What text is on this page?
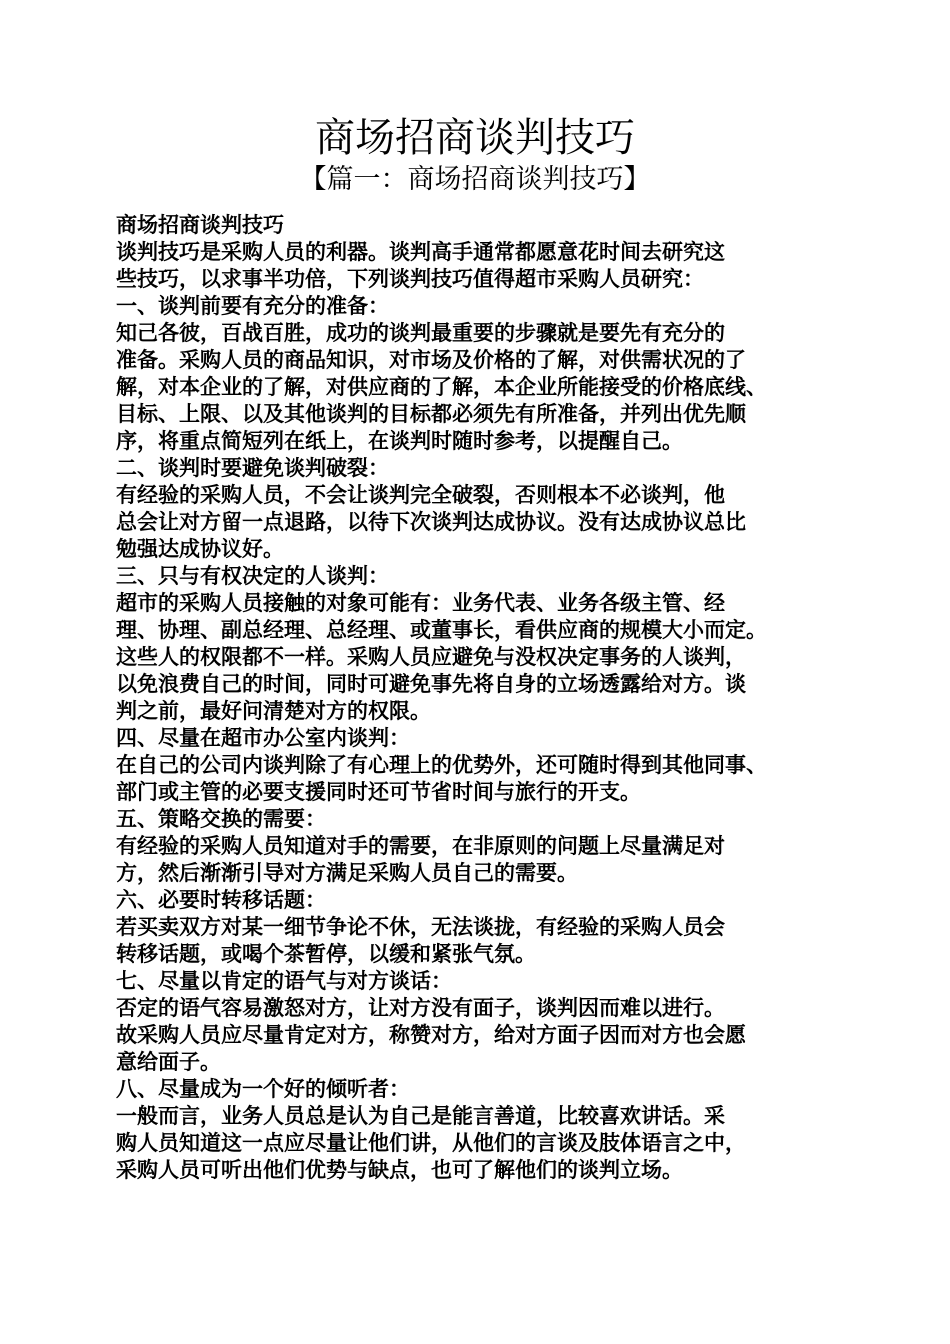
商场招商谈判技巧
【篇一：商场招商谈判技巧】
商场招商谈判技巧
谈判技巧是采购人员的利器。谈判高手通常都愿意花时间去研究这
些技巧，以求事半功倍，下列谈判技巧值得超市采购人员研究：
一、谈判前要有充分的准备：
知己各彼，百战百胜，成功的谈判最重要的步骤就是要先有充分的
准备。采购人员的商品知识，对市场及价格的了解，对供需状况的了
解，对本企业的了解，对供应商的了解，本企业所能接受的价格底线、
目标、上限、以及其他谈判的目标都必须先有所准备，并列出优先顺
序，将重点简短列在纸上，在谈判时随时参考，以提醒自己。
二、谈判时要避免谈判破裂：
有经验的采购人员，不会让谈判完全破裂，否则根本不必谈判，他
总会让对方留一点退路，以待下次谈判达成协议。没有达成协议总比
勉强达成协议好。
三、只与有权决定的人谈判：
超市的采购人员接触的对象可能有：业务代表、业务各级主管、经
理、协理、副总经理、总经理、或董事长，看供应商的规模大小而定。
这些人的权限都不一样。采购人员应避免与没权决定事务的人谈判，
以免浪费自己的时间，同时可避免事先将自身的立场透露给对方。谈
判之前，最好问清楚对方的权限。
四、尽量在超市办公室内谈判：
在自己的公司内谈判除了有心理上的优势外，还可随时得到其他同事、
部门或主管的必要支援同时还可节省时间与旅行的开支。
五、策略交换的需要：
有经验的采购人员知道对手的需要，在非原则的问题上尽量满足对
方，然后渐渐引导对方满足采购人员自己的需要。
六、必要时转移话题：
若买卖双方对某一细节争论不休，无法谈拢，有经验的采购人员会
转移话题，或喝个茶暂停，以缓和紧张气氛。
七、尽量以肯定的语气与对方谈话：
否定的语气容易激怒对方，让对方没有面子，谈判因而难以进行。
故采购人员应尽量肯定对方，称赞对方，给对方面子因而对方也会愿
意给面子。
八、尽量成为一个好的倾听者：
一般而言，业务人员总是认为自己是能言善道，比较喜欢讲话。采
购人员知道这一点应尽量让他们讲，从他们的言谈及肢体语言之中，
采购人员可听出他们优势与缺点，也可了解他们的谈判立场。
